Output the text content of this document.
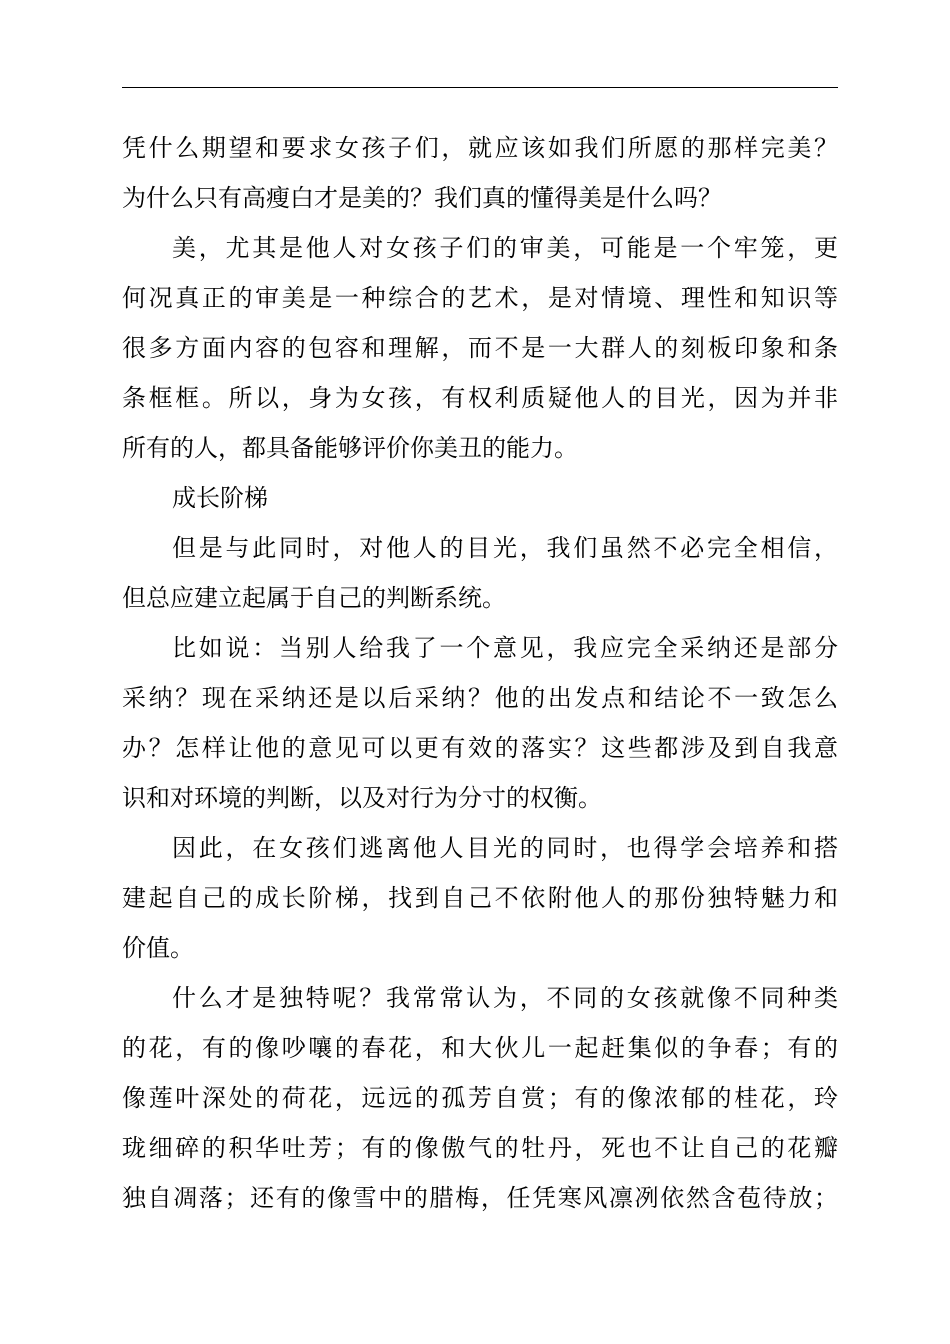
凭什么期望和要求女孩子们，就应该如我们所愿的那样完美？
为什么只有高瘦白才是美的？我们真的懂得美是什么吗？
美，尤其是他人对女孩子们的审美，可能是一个牢笼，更
何况真正的审美是一种综合的艺术，是对情境、理性和知识等
很多方面内容的包容和理解，而不是一大群人的刻板印象和条
条框框。所以，身为女孩，有权利质疑他人的目光，因为并非
所有的人，都具备能够评价你美丑的能力。
成长阶梯
但是与此同时，对他人的目光，我们虽然不必完全相信，
但总应建立起属于自己的判断系统。
比如说：当别人给我了一个意见，我应完全采纳还是部分
采纳？现在采纳还是以后采纳？他的出发点和结论不一致怎么
办？怎样让他的意见可以更有效的落实？这些都涉及到自我意
识和对环境的判断，以及对行为分寸的权衡。
因此，在女孩们逃离他人目光的同时，也得学会培养和搭
建起自己的成长阶梯，找到自己不依附他人的那份独特魅力和
价值。
什么才是独特呢？我常常认为，不同的女孩就像不同种类
的花，有的像吵嚷的春花，和大伙儿一起赶集似的争春；有的
像莲叶深处的荷花，远远的孤芳自赏；有的像浓郁的桂花，玲
珑细碎的积华吐芳；有的像傲气的牡丹，死也不让自己的花瓣
独自凋落；还有的像雪中的腊梅，任凭寒风凛冽依然含苞待放；
